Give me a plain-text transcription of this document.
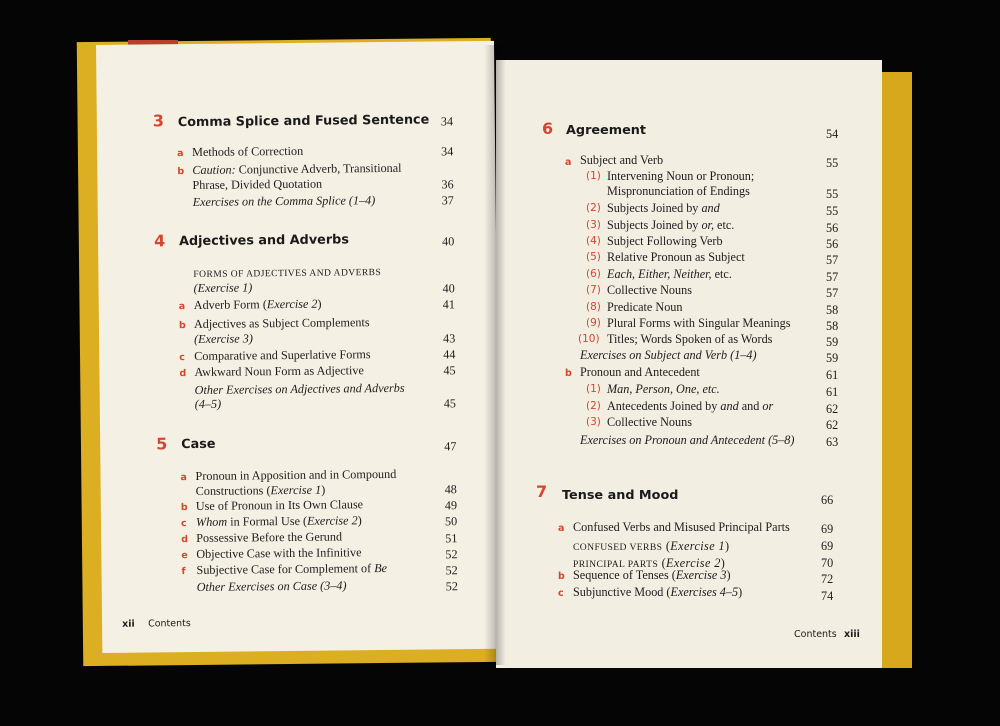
3 Comma Splice and Fused Sentence 34
a Methods of Correction	34
b Caution: Conjunctive Adverb, Transitional
Phrase, Divided Quotation	36
Exercises on the Comma Splice (1–4)	37
4 Adjectives and Adverbs	40
FORMS OF ADJECTIVES AND ADVERBS
(Exercise 1)	40
a Adverb Form (Exercise 2)	41
b Adjectives as Subject Complements
(Exercise 3)	43
c Comparative and Superlative Forms	44
d Awkward Noun Form as Adjective	45
Other Exercises on Adjectives and Adverbs
(4–5)	45
5 Case	47
a Pronoun in Apposition and in Compound
Constructions (Exercise 1)	48
b Use of Pronoun in Its Own Clause	49
c Whom in Formal Use (Exercise 2)	50
d Possessive Before the Gerund	51
e Objective Case with the Infinitive	52
f Subjective Case for Complement of Be	52
Other Exercises on Case (3–4)	52
xii Contents
6 Agreement	54
a Subject and Verb	55
(1) Intervening Noun or Pronoun;
Mispronunciation of Endings	55
(2) Subjects Joined by and	55
(3) Subjects Joined by or, etc.	56
(4) Subject Following Verb	56
(5) Relative Pronoun as Subject	57
(6) Each, Either, Neither, etc.	57
(7) Collective Nouns	57
(8) Predicate Noun	58
(9) Plural Forms with Singular Meanings	58
(10) Titles; Words Spoken of as Words	59
Exercises on Subject and Verb (1–4)	59
b Pronoun and Antecedent	61
(1) Man, Person, One, etc.	61
(2) Antecedents Joined by and and or	62
(3) Collective Nouns	62
Exercises on Pronoun and Antecedent (5–8)	63
7 Tense and Mood	66
a Confused Verbs and Misused Principal Parts	69
CONFUSED VERBS (Exercise 1)	69
PRINCIPAL PARTS (Exercise 2)	70
b Sequence of Tenses (Exercise 3)	72
c Subjunctive Mood (Exercises 4–5)	74
Contents xiii
